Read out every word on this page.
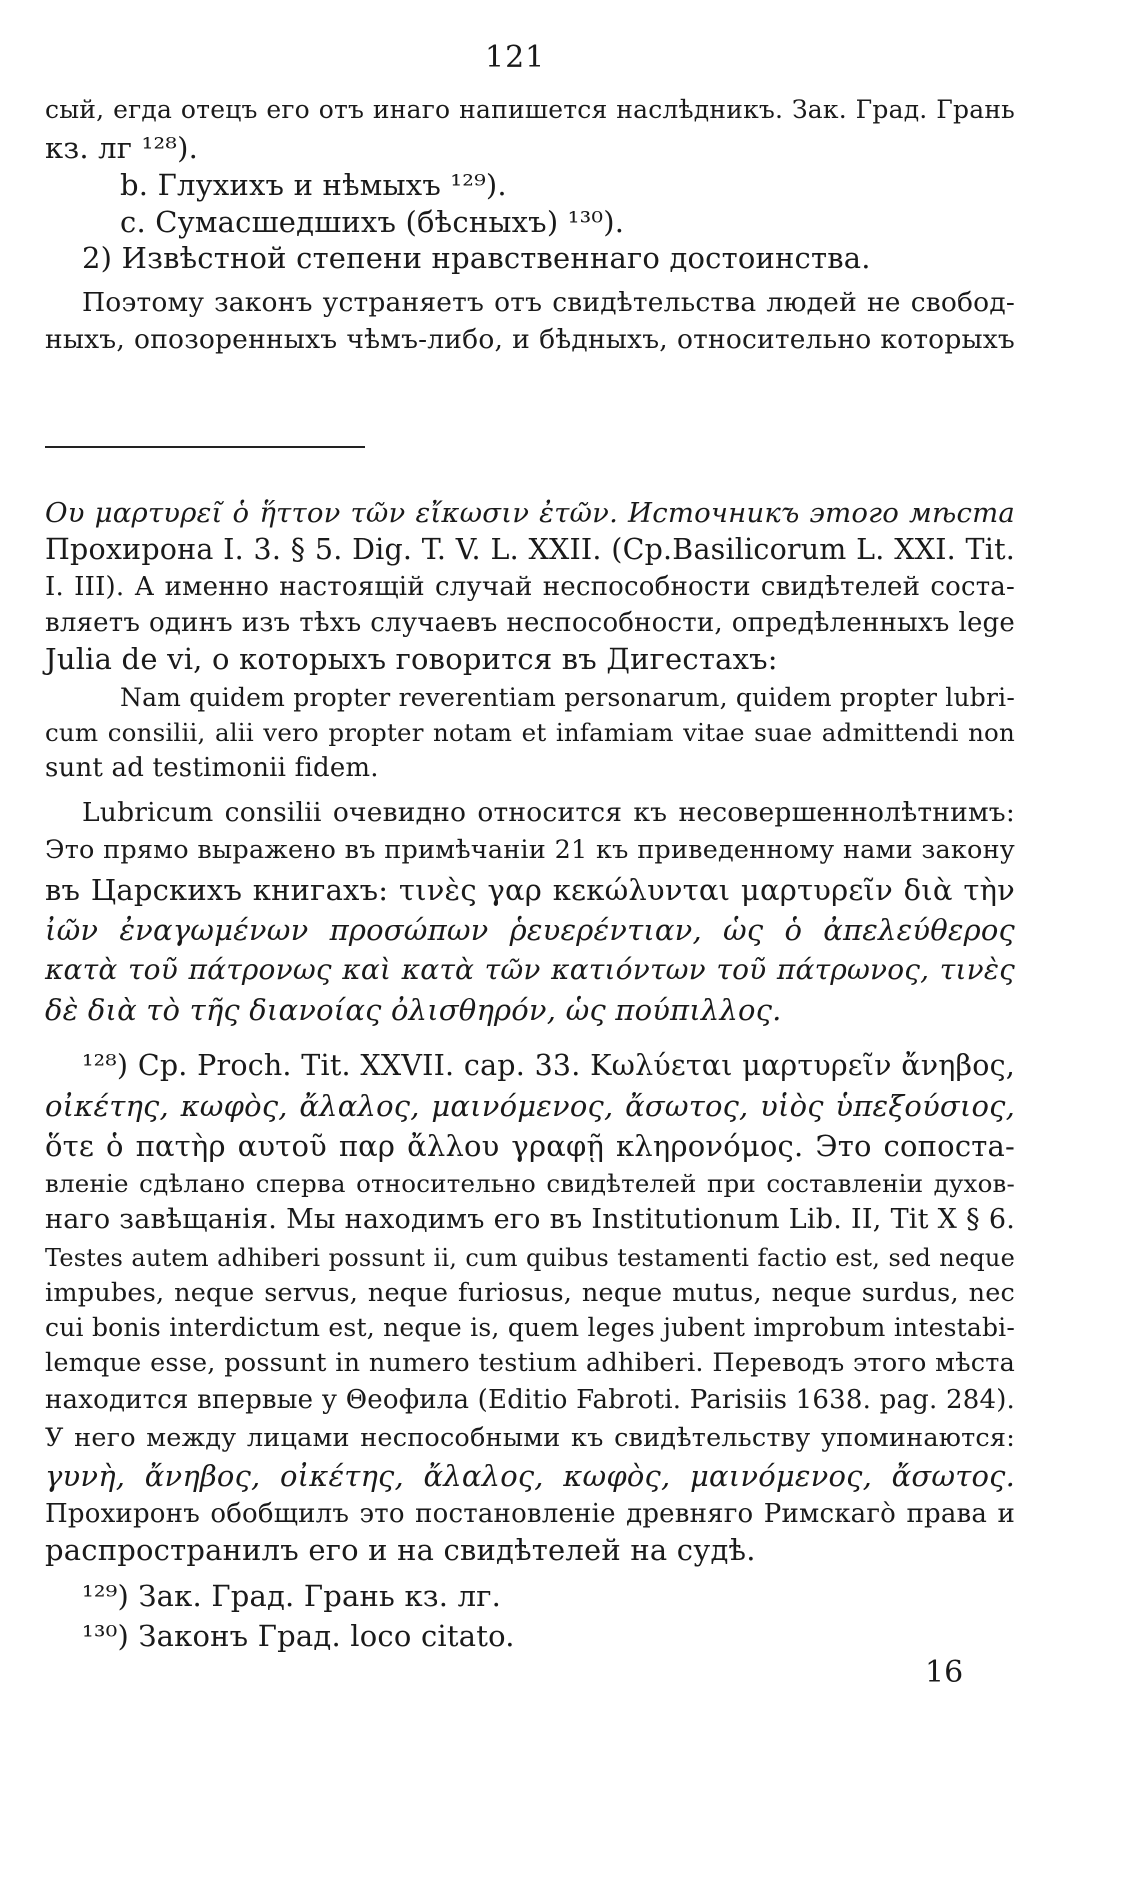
121
сый, егда отецъ его отъ инаго напишется наслѣдникъ. Зак. Град. Грань
кз. лг ¹²⁸).
b. Глухихъ и нѣмыхъ ¹²⁹).
c. Сумасшедшихъ (бѣсныхъ) ¹³⁰).
2) Извѣстной степени нравственнаго достоинства.
Поэтому законъ устраняетъ отъ свидѣтельства людей не свобод-
ныхъ, опозоренныхъ чѣмъ-либо, и бѣдныхъ, относительно которыхъ
Ου μαρτυρεῖ ὁ ἥττον τῶν εἴκωσιν ἐτῶν. Источникъ этого мѣста
Прохирона I. 3. § 5. Dig. T. V. L. XXII. (Ср.Basilicorum L. XXI. Tit.
I. III). А именно настоящій случай неспособности свидѣтелей соста-
вляетъ одинъ изъ тѣхъ случаевъ неспособности, опредѣленныхъ lege
Julia de vi, о которыхъ говорится въ Дигестахъ:
Nam quidem propter reverentiam personarum, quidem propter lubri-
cum consilii, alii vero propter notam et infamiam vitae suae admittendi non
sunt ad testimonii fidem.
Lubricum consilii очевидно относится къ несовершеннолѣтнимъ:
Это прямо выражено въ примѣчаніи 21 къ приведенному нами закону
въ Царскихъ книгахъ: τινὲς γαρ κεκώλυνται μαρτυρεῖν διὰ τὴν
ἰῶν ἐναγωμένων προσώπων ῥευερέντιαν, ὡς ὁ ἀπελεύθερος
κατὰ τοῦ πάτρονως καὶ κατὰ τῶν κατιόντων τοῦ πάτρωνος, τινὲς
δὲ διὰ τὸ τῆς διανοίας ὀλισθηρόν, ὡς πούπιλλος.
¹²⁸) Ср. Proch. Tit. XXVII. cap. 33. Κωλύεται μαρτυρεῖν ἄνηβος,
οἰκέτης, κωφὸς, ἄλαλος, μαινόμενος, ἄσωτος, υἱὸς ὑπεξούσιος,
ὅτε ὁ πατὴρ αυτοῦ παρ ἄλλου γραφῇ κληρονόμος. Это сопоста-
вленіе сдѣлано сперва относительно свидѣтелей при составленіи духов-
наго завѣщанія. Мы находимъ его въ Institutionum Lib. II, Tit X § 6.
Testes autem adhiberi possunt ii, cum quibus testamenti factio est, sed neque
impubes, neque servus, neque furiosus, neque mutus, neque surdus, nec
cui bonis interdictum est, neque is, quem leges jubent improbum intestabi-
lemque esse, possunt in numero testium adhiberi. Переводъ этого мѣста
находится впервые у Θеофила (Editio Fabroti. Parisiis 1638. pag. 284).
У него между лицами неспособными къ свидѣтельству упоминаются:
γυνὴ, ἄνηβος, οἰκέτης, ἄλαλος, κωφὸς, μαινόμενος, ἄσωτος.
Прохиронъ обобщилъ это постановленіе древняго Римскагò права и
распространилъ его и на свидѣтелей на судѣ.
¹²⁹) Зак. Град. Грань кз. лг.
¹³⁰) Законъ Град. loco citato.
16
